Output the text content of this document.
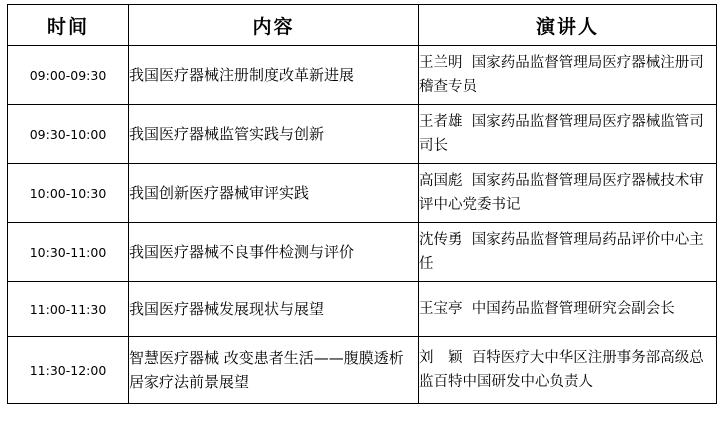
时间	内容	演讲人
09:00-09:30	我国医疗器械注册制度改革新进展	王兰明 国家药品监督管理局医疗器械注册司稽查专员
09:30-10:00	我国医疗器械监管实践与创新	王者雄 国家药品监督管理局医疗器械监管司司长
10:00-10:30	我国创新医疗器械审评实践	高国彪 国家药品监督管理局医疗器械技术审评中心党委书记
10:30-11:00	我国医疗器械不良事件检测与评价	沈传勇 国家药品监督管理局药品评价中心主任
11:00-11:30	我国医疗器械发展现状与展望	王宝亭 中国药品监督管理研究会副会长
11:30-12:00	智慧医疗器械 改变患者生活——腹膜透析居家疗法前景展望	刘　颖 百特医疗大中华区注册事务部高级总监百特中国研发中心负责人
